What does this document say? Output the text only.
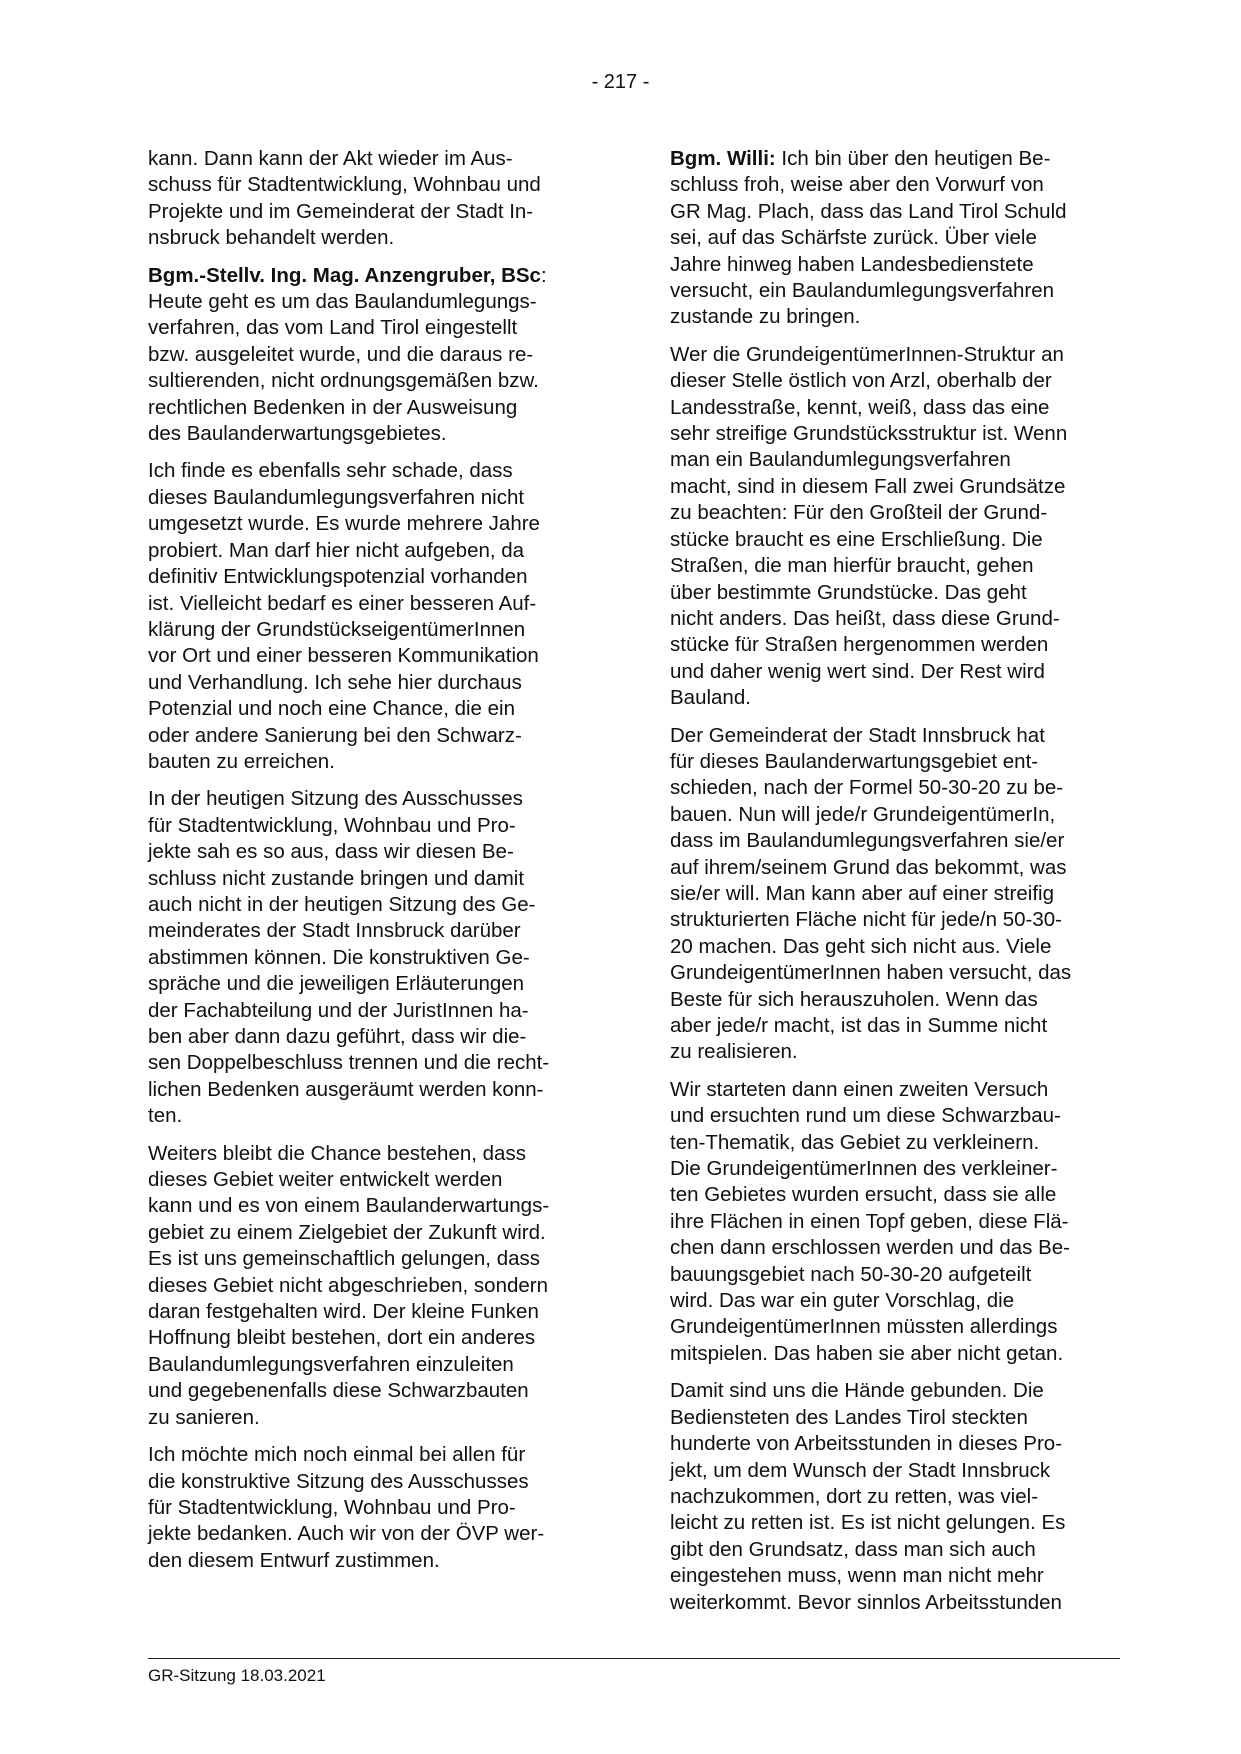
- 217 -

kann. Dann kann der Akt wieder im Aus-
schuss für Stadtentwicklung, Wohnbau und
Projekte und im Gemeinderat der Stadt In-
nsbruck behandelt werden.

Bgm.-Stellv. Ing. Mag. Anzengruber, BSc:
Heute geht es um das Baulandumlegungs-
verfahren, das vom Land Tirol eingestellt
bzw. ausgeleitet wurde, und die daraus re-
sultierenden, nicht ordnungsgemäßen bzw.
rechtlichen Bedenken in der Ausweisung
des Baulanderwartungsgebietes.

Ich finde es ebenfalls sehr schade, dass
dieses Baulandumlegungsverfahren nicht
umgesetzt wurde. Es wurde mehrere Jahre
probiert. Man darf hier nicht aufgeben, da
definitiv Entwicklungspotenzial vorhanden
ist. Vielleicht bedarf es einer besseren Auf-
klärung der GrundstückseigentümerInnen
vor Ort und einer besseren Kommunikation
und Verhandlung. Ich sehe hier durchaus
Potenzial und noch eine Chance, die ein
oder andere Sanierung bei den Schwarz-
bauten zu erreichen.

In der heutigen Sitzung des Ausschusses
für Stadtentwicklung, Wohnbau und Pro-
jekte sah es so aus, dass wir diesen Be-
schluss nicht zustande bringen und damit
auch nicht in der heutigen Sitzung des Ge-
meinderates der Stadt Innsbruck darüber
abstimmen können. Die konstruktiven Ge-
spräche und die jeweiligen Erläuterungen
der Fachabteilung und der JuristInnen ha-
ben aber dann dazu geführt, dass wir die-
sen Doppelbeschluss trennen und die recht-
lichen Bedenken ausgeräumt werden konn-
ten.

Weiters bleibt die Chance bestehen, dass
dieses Gebiet weiter entwickelt werden
kann und es von einem Baulanderwartungs-
gebiet zu einem Zielgebiet der Zukunft wird.
Es ist uns gemeinschaftlich gelungen, dass
dieses Gebiet nicht abgeschrieben, sondern
daran festgehalten wird. Der kleine Funken
Hoffnung bleibt bestehen, dort ein anderes
Baulandumlegungsverfahren einzuleiten
und gegebenenfalls diese Schwarzbauten
zu sanieren.

Ich möchte mich noch einmal bei allen für
die konstruktive Sitzung des Ausschusses
für Stadtentwicklung, Wohnbau und Pro-
jekte bedanken. Auch wir von der ÖVP wer-
den diesem Entwurf zustimmen.

Bgm. Willi: Ich bin über den heutigen Be-
schluss froh, weise aber den Vorwurf von
GR Mag. Plach, dass das Land Tirol Schuld
sei, auf das Schärfste zurück. Über viele
Jahre hinweg haben Landesbedienstete
versucht, ein Baulandumlegungsverfahren
zustande zu bringen.

Wer die GrundeigentümerInnen-Struktur an
dieser Stelle östlich von Arzl, oberhalb der
Landesstraße, kennt, weiß, dass das eine
sehr streifige Grundstücksstruktur ist. Wenn
man ein Baulandumlegungsverfahren
macht, sind in diesem Fall zwei Grundsätze
zu beachten: Für den Großteil der Grund-
stücke braucht es eine Erschließung. Die
Straßen, die man hierfür braucht, gehen
über bestimmte Grundstücke. Das geht
nicht anders. Das heißt, dass diese Grund-
stücke für Straßen hergenommen werden
und daher wenig wert sind. Der Rest wird
Bauland.

Der Gemeinderat der Stadt Innsbruck hat
für dieses Baulanderwartungsgebiet ent-
schieden, nach der Formel 50-30-20 zu be-
bauen. Nun will jede/r GrundeigentümerIn,
dass im Baulandumlegungsverfahren sie/er
auf ihrem/seinem Grund das bekommt, was
sie/er will. Man kann aber auf einer streifig
strukturierten Fläche nicht für jede/n 50-30-
20 machen. Das geht sich nicht aus. Viele
GrundeigentümerInnen haben versucht, das
Beste für sich herauszuholen. Wenn das
aber jede/r macht, ist das in Summe nicht
zu realisieren.

Wir starteten dann einen zweiten Versuch
und ersuchten rund um diese Schwarzbau-
ten-Thematik, das Gebiet zu verkleinern.
Die GrundeigentümerInnen des verkleiner-
ten Gebietes wurden ersucht, dass sie alle
ihre Flächen in einen Topf geben, diese Flä-
chen dann erschlossen werden und das Be-
bauungsgebiet nach 50-30-20 aufgeteilt
wird. Das war ein guter Vorschlag, die
GrundeigentümerInnen müssten allerdings
mitspielen. Das haben sie aber nicht getan.

Damit sind uns die Hände gebunden. Die
Bediensteten des Landes Tirol steckten
hunderte von Arbeitsstunden in dieses Pro-
jekt, um dem Wunsch der Stadt Innsbruck
nachzukommen, dort zu retten, was viel-
leicht zu retten ist. Es ist nicht gelungen. Es
gibt den Grundsatz, dass man sich auch
eingestehen muss, wenn man nicht mehr
weiterkommt. Bevor sinnlos Arbeitsstunden

GR-Sitzung 18.03.2021
